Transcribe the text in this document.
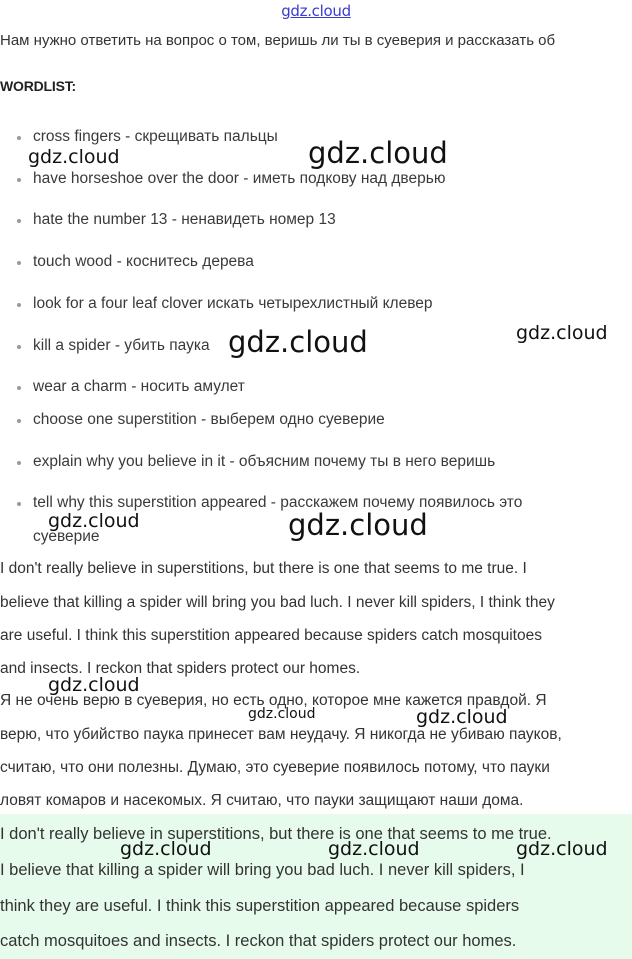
gdz.cloud
Нам нужно ответить на вопрос о том, веришь ли ты в суеверия и рассказать об
WORDLIST:
cross fingers - скрещивать пальцы
have horseshoe over the door - иметь подкову над дверью
hate the number 13 - ненавидеть номер 13
touch wood - коснитесь дерева
look for a four leaf clover искать четырехлистный клевер
kill a spider - убить паука
wear a charm - носить амулет
choose one superstition - выберем одно суеверие
explain why you believe in it - объясним почему ты в него веришь
tell why this superstition appeared - расскажем почему появилось это
суеверие
I don't really believe in superstitions, but there is one that seems to me true. I
believe that killing a spider will bring you bad luch. I never kill spiders, I think they
are useful. I think this superstition appeared because spiders catch mosquitoes
and insects. I reckon that spiders protect our homes.
Я не очень верю в суеверия, но есть одно, которое мне кажется правдой. Я
верю, что убийство паука принесет вам неудачу. Я никогда не убиваю пауков,
считаю, что они полезны. Думаю, это суеверие появилось потому, что пауки
ловят комаров и насекомых. Я считаю, что пауки защищают наши дома.
I don't really believe in superstitions, but there is one that seems to me true.
I believe that killing a spider will bring you bad luch. I never kill spiders, I
think they are useful. I think this superstition appeared because spiders
catch mosquitoes and insects. I reckon that spiders protect our homes.
gdz.cloud	gdz.cloud
gdz.cloud	gdz.cloud
gdz.cloud	gdz.cloud
gdz.cloud
gdz.cloud	gdz.cloud
gdz.cloud	gdz.cloud	gdz.cloud
